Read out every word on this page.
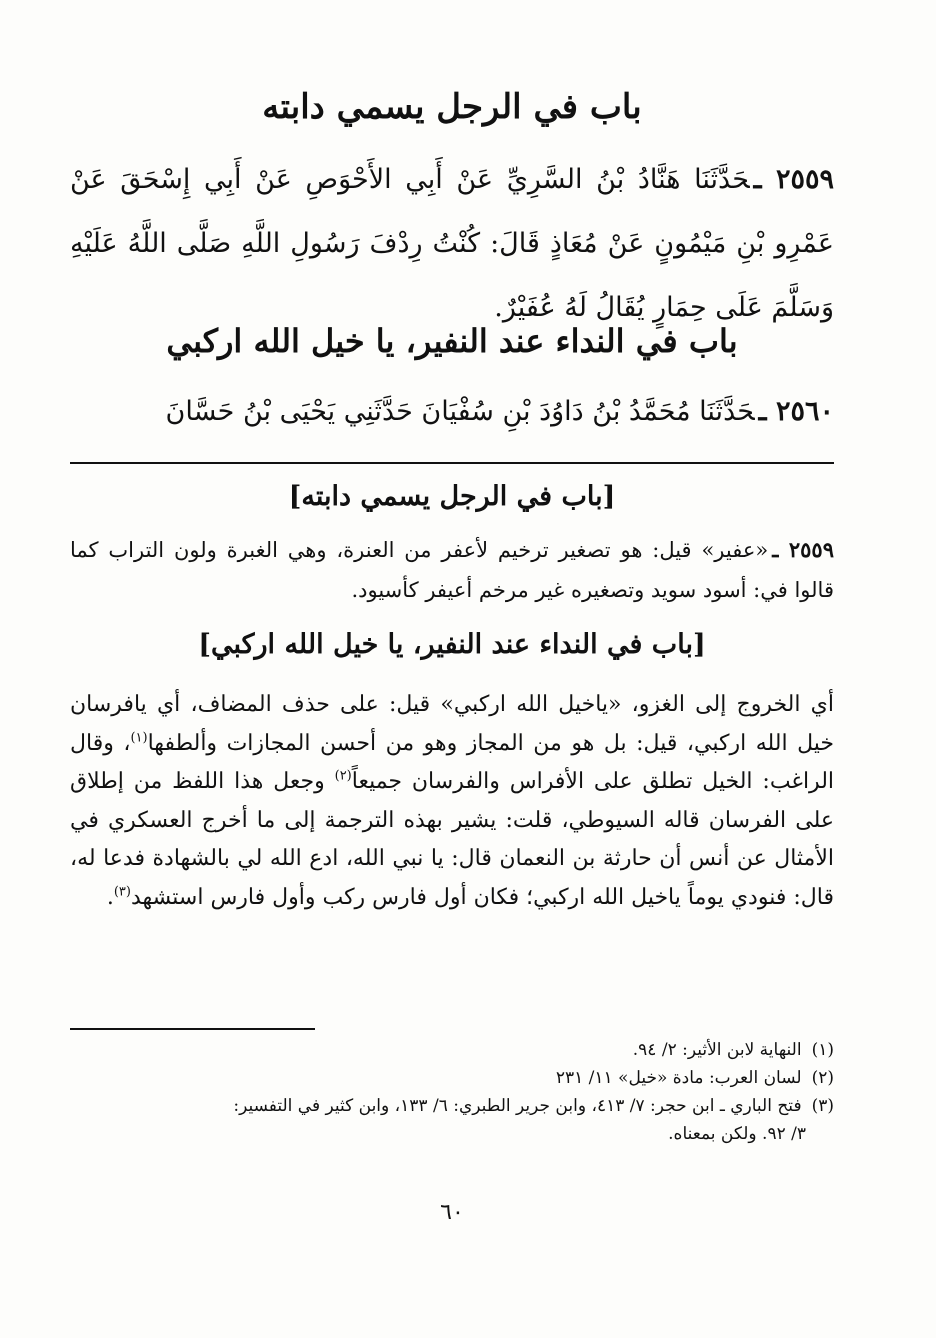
باب في الرجل يسمي دابته

٢٥٥٩ ـحَدَّثَنَا هَنَّادُ بْنُ السَّرِيِّ عَنْ أَبِي الأَحْوَصِ عَنْ أَبِي إِسْحَقَ عَنْ عَمْرِو بْنِ مَيْمُونٍ عَنْ مُعَاذٍ قَالَ: كُنْتُ رِدْفَ رَسُولِ اللَّهِ صَلَّى اللَّهُ عَلَيْهِ وَسَلَّمَ عَلَى حِمَارٍ يُقَالُ لَهُ عُفَيْرٌ.

باب في النداء عند النفير، يا خيل الله اركبي

٢٥٦٠ ـحَدَّثَنَا مُحَمَّدُ بْنُ دَاوُدَ بْنِ سُفْيَانَ حَدَّثَنِي يَحْيَى بْنُ حَسَّانَ

[باب في الرجل يسمي دابته]

٢٥٥٩ ـ«عفير» قيل: هو تصغير ترخيم لأعفر من العنرة، وهي الغبرة ولون التراب كما قالوا في: أسود سويد وتصغيره غير مرخم أعيفر كأسيود.

[باب في النداء عند النفير، يا خيل الله اركبي]

أي الخروج إلى الغزو، «ياخيل الله اركبي» قيل: على حذف المضاف، أي يافرسان خيل الله اركبي، قيل: بل هو من المجاز وهو من أحسن المجازات وألطفها$^{(١)}$، وقال الراغب: الخيل تطلق على الأفراس والفرسان جميعاً$^{(٢)}$ وجعل هذا اللفظ من إطلاق على الفرسان قاله السيوطي، قلت: يشير بهذه الترجمة إلى ما أخرج العسكري في الأمثال عن أنس أن حارثة بن النعمان قال: يا نبي الله، ادع الله لي بالشهادة فدعا له، قال: فنودي يوماً ياخيل الله اركبي؛ فكان أول فارس ركب وأول فارس استشهد$^{(٣)}$.

(١)النهاية لابن الأثير: ٢/ ٩٤.
(٢)لسان العرب: مادة «خيل» ١١/ ٢٣١
(٣)فتح الباري ـ ابن حجر: ٧/ ٤١٣، وابن جرير الطبري: ٦/ ١٣٣، وابن كثير في التفسير:
٣/ ٩٢. ولكن بمعناه.
٦٠
